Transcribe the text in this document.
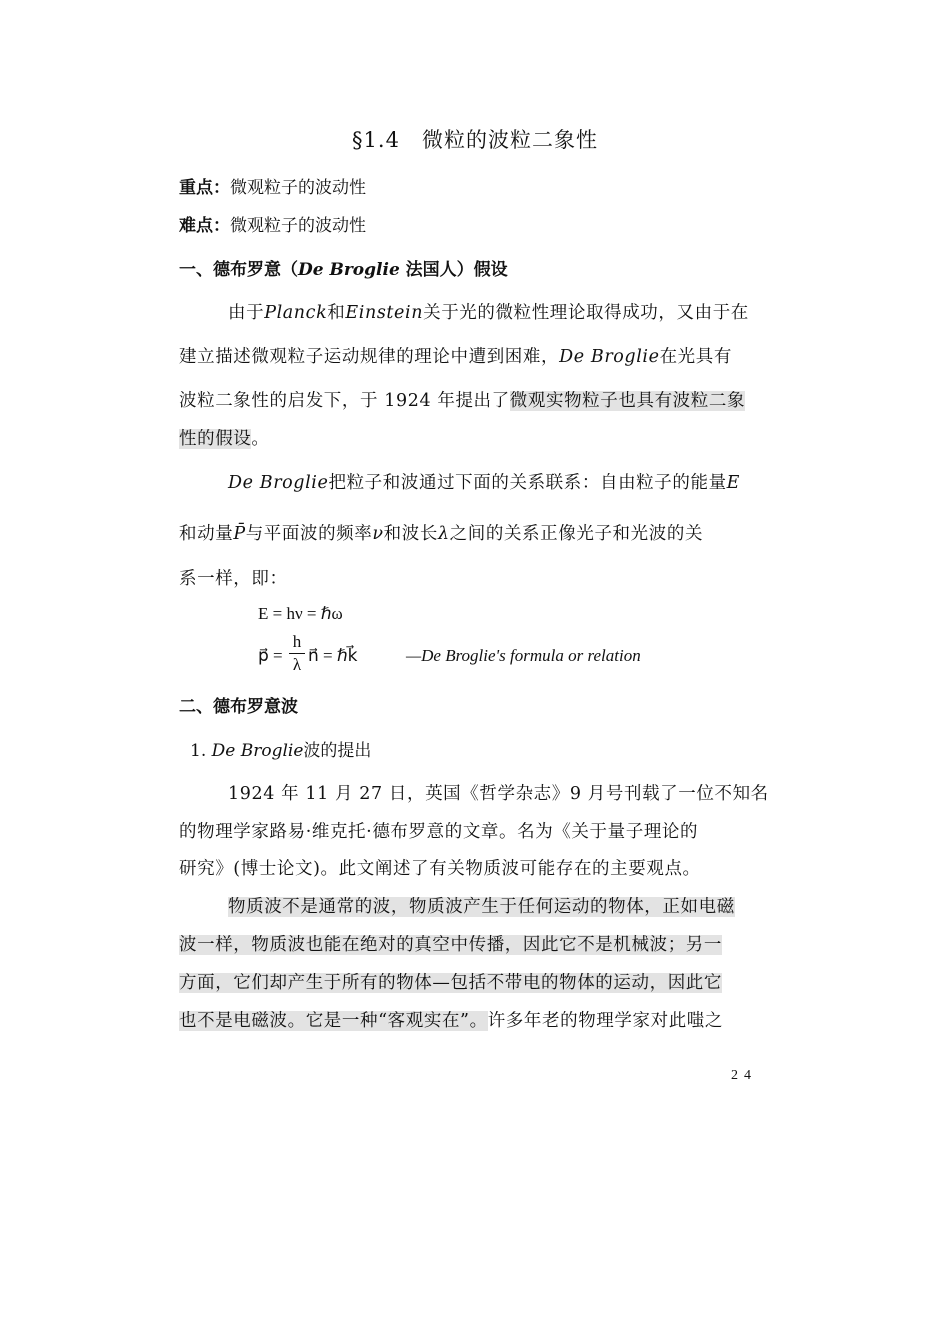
§1.4　微粒的波粒二象性
重点：微观粒子的波动性
难点：微观粒子的波动性
一、德布罗意（De Broglie 法国人）假设
由于Planck和Einstein关于光的微粒性理论取得成功，又由于在
建立描述微观粒子运动规律的理论中遭到困难，De Broglie在光具有
波粒二象性的启发下，于 1924 年提出了微观实物粒子也具有波粒二象
性的假设。
De Broglie把粒子和波通过下面的关系联系：自由粒子的能量E
和动量P̄与平面波的频率ν和波长λ之间的关系正像光子和光波的关
系一样，即：
E = hν = ℏω
p⃗ =
h
λ n⃗ = ℏk⃗	—De Broglie's formula or relation
二、德布罗意波
1. De Broglie波的提出
1924 年 11 月 27 日，英国《哲学杂志》9 月号刊载了一位不知名
的物理学家路易·维克托·德布罗意的文章。名为《关于量子理论的
研究》(博士论文)。此文阐述了有关物质波可能存在的主要观点。
物质波不是通常的波，物质波产生于任何运动的物体，正如电磁
波一样，物质波也能在绝对的真空中传播，因此它不是机械波；另一
方面，它们却产生于所有的物体—包括不带电的物体的运动，因此它
也不是电磁波。它是一种“客观实在”。许多年老的物理学家对此嗤之
24
